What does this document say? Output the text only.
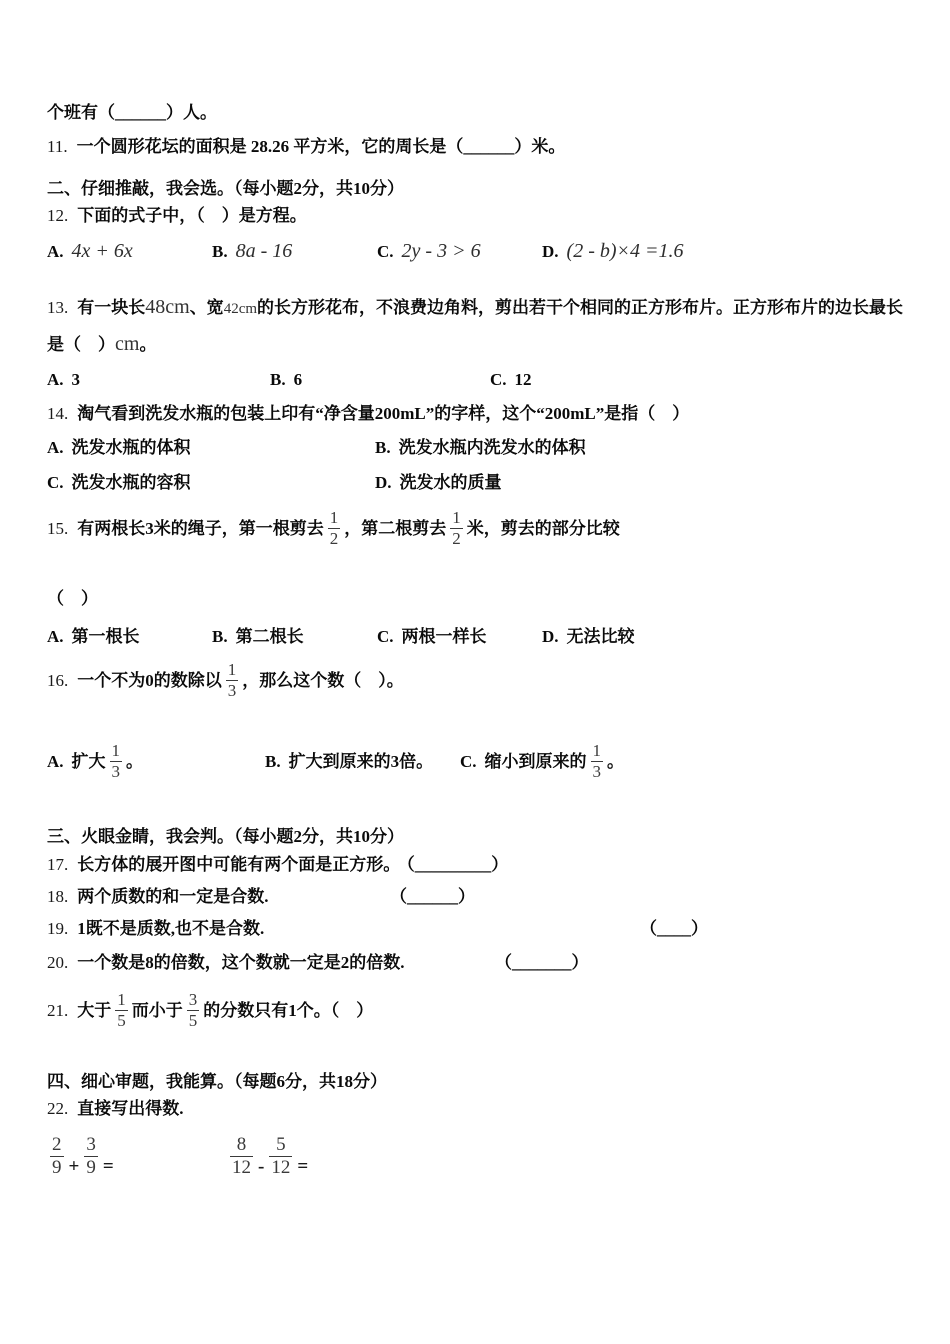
个班有（______）人。
11. 一个圆形花坛的面积是 28.26 平方米，它的周长是（______）米。
二、仔细推敲，我会选。（每小题2分，共10分）
12. 下面的式子中，（　）是方程。
A. 4x + 6x	B. 8a - 16	C. 2y - 3 > 6	D. (2 - b)×4 =1.6
13. 有一块长48cm、宽42cm的长方形花布，不浪费边角料，剪出若干个相同的正方形布片。正方形布片的边长最长
是（　）cm。
A. 3	B. 6	C. 12
14. 淘气看到洗发水瓶的包装上印有“净含量200mL”的字样，这个“200mL”是指（　）
A. 洗发水瓶的体积	B. 洗发水瓶内洗发水的体积
C. 洗发水瓶的容积	D. 洗发水的质量
15. 有两根长3米的绳子，第一根剪去 $\frac{1}{2}$ ，第二根剪去 $\frac{1}{2}$ 米，剪去的部分比较
（　）
A. 第一根长	B. 第二根长	C. 两根一样长	D. 无法比较
16. 一个不为0的数除以 $\frac{1}{3}$ ，那么这个数（　）。
A. 扩大 $\frac{1}{3}$ 。	B. 扩大到原来的3倍。	C. 缩小到原来的 $\frac{1}{3}$ 。
三、火眼金睛，我会判。（每小题2分，共10分）
17. 长方体的展开图中可能有两个面是正方形。 （_________）
18. 两个质数的和一定是合数.	（______）
19. 1既不是质数,也不是合数.	（____）
20. 一个数是8的倍数，这个数就一定是2的倍数.	（_______）
21. 大于 $\frac{1}{5}$ 而小于 $\frac{3}{5}$ 的分数只有1个。（　）
四、细心审题，我能算。（每题6分，共18分）
22. 直接写出得数.
$\frac{2}{9} + \frac{3}{9}$ =	$\frac{8}{12} - \frac{5}{12}$ =
